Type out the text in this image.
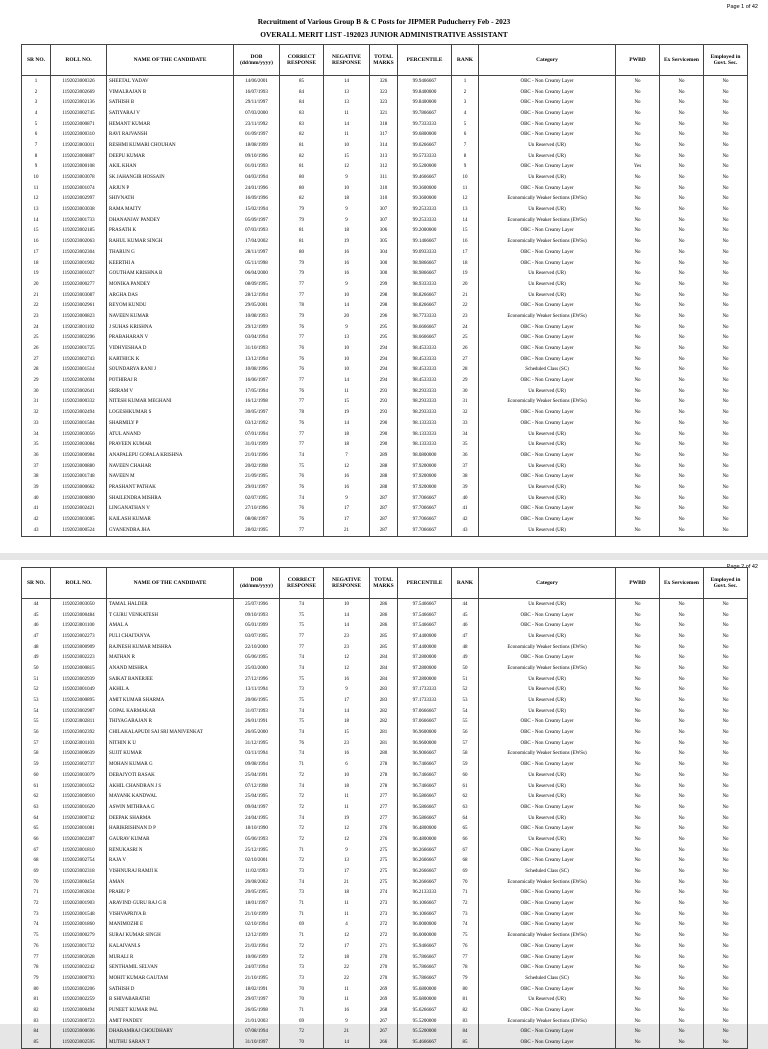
Page 1 of 42
Recruitment of Various Group B & C Posts for JIPMER Puducherry Feb - 2023
OVERALL MERIT LIST -192023 JUNIOR ADMINISTRATIVE ASSISTANT
SR NO.	ROLL NO.	NAME OF THE CANDIDATE	DOB (dd/mm/yyyy)	CORRECT RESPONSE	NEGATIVE RESPONSE	TOTAL MARKS	PERCENTILE	RANK	Category	PWBD	Ex Servicemen	Employed in Govt. Sec.
1	1192023000326	SHEETAL YADAV	14/06/2001	85	14	326	99.9466667	1	OBC - Non Creamy Layer	No	No	No
2	1192023002669	VIMALRAJAN B	16/07/1993	84	13	323	99.8400000	2	OBC - Non Creamy Layer	No	No	No
3	1192023002136	SATHISH B	29/11/1997	84	13	323	99.8400000	3	OBC - Non Creamy Layer	No	No	No
4	1192023002745	SATIYARAJ V	07/03/2000	83	11	321	99.7866667	4	OBC - Non Creamy Layer	No	No	No
5	1192023000871	HEMANT KUMAR	23/11/1992	83	14	318	99.7333333	5	OBC - Non Creamy Layer	No	No	No
6	1192023000310	RAVI RAJVANSH	01/09/1997	82	11	317	99.6800000	6	OBC - Non Creamy Layer	No	No	No
7	1192023003011	RESHMI KUMARI CHOUHAN	18/08/1999	81	10	314	99.6266667	7	Un Reserved (UR)	No	No	No
8	1192023000887	DEEPU KUMAR	09/10/1996	82	15	313	99.5733333	8	Un Reserved (UR)	No	No	No
9	1192023000108	AKIL KHAN	01/01/1993	81	12	312	99.5200000	9	OBC - Non Creamy Layer	Yes	No	No
10	1192023003078	SK JAHANGIR HOSSAIN	04/03/1994	80	9	311	99.4666667	10	Un Reserved (UR)	No	No	No
11	1192023001074	ARJUN P	24/01/1996	80	10	310	99.3600000	11	OBC - Non Creamy Layer	No	No	No
12	1192023002997	SHIVNATH	16/09/1996	82	18	310	99.3600000	12	Economically Weaker Sections (EWSs)	No	No	No
13	1192023003038	RAMA MAITY	15/02/1994	79	9	307	99.2533333	13	Un Reserved (UR)	No	No	No
14	1192023001733	DHANANJAY PANDEY	05/09/1997	79	9	307	99.2533333	14	Economically Weaker Sections (EWSs)	No	No	No
15	1192023002185	PRASATH K	07/03/1993	81	18	306	99.2000000	15	OBC - Non Creamy Layer	No	No	No
16	1192023002063	RAHUL KUMAR SINGH	17/04/2002	81	19	305	99.1466667	16	Economically Weaker Sections (EWSs)	No	No	No
17	1192023002304	THARUN G	28/11/1997	80	16	304	99.0933333	17	OBC - Non Creamy Layer	No	No	No
18	1192023001902	KEERTHI A	05/11/1998	79	16	300	98.9866667	18	OBC - Non Creamy Layer	No	No	No
19	1192023001027	GOUTHAM KRISHNA B	06/04/2000	79	16	300	98.9866667	19	Un Reserved (UR)	No	No	No
20	1192023000277	MONIKA PANDEY	08/09/1995	77	9	299	98.9333333	20	Un Reserved (UR)	No	No	No
21	1192023003087	ARGHA DAS	28/12/1994	77	10	298	98.8266667	21	Un Reserved (UR)	No	No	No
22	1192023002961	REYOM KUNDU	29/05/2001	78	14	298	98.8266667	22	OBC - Non Creamy Layer	No	No	No
23	1192023000823	NAVEEN KUMAR	10/08/1993	79	20	296	98.7733333	23	Economically Weaker Sections (EWSs)	No	No	No
24	1192023001102	J SUHAS KRISHNA	29/12/1999	76	9	295	98.6666667	24	OBC - Non Creamy Layer	No	No	No
25	1192023002296	PRABAHARAN V	03/04/1994	77	13	295	98.6666667	25	OBC - Non Creamy Layer	No	No	No
26	1192023001725	VIDHYESHAA D	31/10/1993	76	10	294	98.4533333	26	OBC - Non Creamy Layer	No	No	No
27	1192023002743	KARTHICK K	13/12/1994	76	10	294	98.4533333	27	OBC - Non Creamy Layer	No	No	No
28	1192023001514	SOUNDARYA RANI J	10/08/1996	76	10	294	98.4533333	28	Scheduled Class (SC)	No	No	No
29	1192023002694	POTHIRAJ R	16/06/1997	77	14	294	98.4533333	29	OBC - Non Creamy Layer	No	No	No
30	1192023002641	SRIRAM V	17/05/1994	76	11	293	98.2933333	30	Un Reserved (UR)	No	No	No
31	1192023000332	NITESH KUMAR MEGHANI	16/12/1998	77	15	293	98.2933333	31	Economically Weaker Sections (EWSs)	No	No	No
32	1192023002494	LOGESHKUMAR S	30/05/1997	78	19	293	98.2933333	32	OBC - Non Creamy Layer	No	No	No
33	1192023001584	SHARMILY P	03/12/1992	76	14	290	98.1333333	33	OBC - Non Creamy Layer	No	No	No
34	1192023003056	ATUL ANAND	07/01/1994	77	18	290	98.1333333	34	Un Reserved (UR)	No	No	No
35	1192023003084	PRAVEEN KUMAR	31/01/1999	77	18	290	98.1333333	35	Un Reserved (UR)	No	No	No
36	1192023000984	ANAPALEPU GOPALA KRISHNA	21/01/1996	74	7	289	98.0800000	36	OBC - Non Creamy Layer	No	No	No
37	1192023000880	NAVEEN CHAHAR	20/02/1998	75	12	288	97.9200000	37	Un Reserved (UR)	No	No	No
38	1192023001748	NAVEEN M	21/09/1995	76	16	288	97.9200000	38	OBC - Non Creamy Layer	No	No	No
39	1192023000662	PRASHANT PATHAK	29/01/1997	76	16	288	97.9200000	39	Un Reserved (UR)	No	No	No
40	1192023000890	SHAILENDRA MISHRA	02/07/1995	74	9	287	97.7066667	40	Un Reserved (UR)	No	No	No
41	1192023002421	LINGANATHAN V	27/10/1996	76	17	287	97.7066667	41	OBC - Non Creamy Layer	No	No	No
42	1192023003085	KAILASH KUMAR	08/08/1997	76	17	287	97.7066667	42	OBC - Non Creamy Layer	No	No	No
43	1192023000524	GYANENDRA JHA	28/02/1995	77	21	287	97.7066667	43	Un Reserved (UR)	No	No	No
Page 2 of 42
SR NO.	ROLL NO.	NAME OF THE CANDIDATE	DOB (dd/mm/yyyy)	CORRECT RESPONSE	NEGATIVE RESPONSE	TOTAL MARKS	PERCENTILE	RANK	Category	PWBD	Ex Servicemen	Employed in Govt. Sec.
44	1192023003050	TAMAL HALDER	25/07/1996	74	10	286	97.5466667	44	Un Reserved (UR)	No	No	No
45	1192023000484	T GURU VENKATESH	09/10/1993	75	14	286	97.5466667	45	OBC - Non Creamy Layer	No	No	No
46	1192023001100	AMAL A	05/01/1999	75	14	286	97.5466667	46	OBC - Non Creamy Layer	No	No	No
47	1192023002273	PULI CHAITANYA	03/07/1995	77	23	285	97.4400000	47	Un Reserved (UR)	No	No	No
48	1192023000909	RAJNESH KUMAR MISHRA	22/10/2000	77	23	285	97.4400000	48	Economically Weaker Sections (EWSs)	No	No	No
49	1192023002223	MATHAN R	05/06/1995	74	12	284	97.2800000	49	OBC - Non Creamy Layer	No	No	No
50	1192023000815	ANAND MISHRA	25/03/2000	74	12	284	97.2800000	50	Economically Weaker Sections (EWSs)	No	No	No
51	1192023002939	SAIKAT BANERJEE	27/12/1996	75	16	284	97.2800000	51	Un Reserved (UR)	No	No	No
52	1192023001049	AKHIL A	13/11/1994	73	9	283	97.1733333	52	Un Reserved (UR)	No	No	No
53	1192023000895	AMIT KUMAR SHARMA	20/06/1995	75	17	283	97.1733333	53	Un Reserved (UR)	No	No	No
54	1192023002987	GOPAL KARMAKAR	31/07/1993	74	14	282	97.0666667	54	Un Reserved (UR)	No	No	No
55	1192023002811	THIYAGARAJAN R	26/01/1991	75	18	282	97.0666667	55	OBC - Non Creamy Layer	No	No	No
56	1192023002392	CHILAKALAPUDI SAI SRI MANIVENKAT	26/05/2000	74	15	281	96.9600000	56	OBC - Non Creamy Layer	No	No	No
57	1192023001103	NITHIN K U	31/12/1995	76	23	281	96.9600000	57	OBC - Non Creamy Layer	No	No	No
58	1192023000639	SUJIT KUMAR	03/11/1994	74	16	280	96.9066667	58	Economically Weaker Sections (EWSs)	No	No	No
59	1192023002737	MOHAN KUMAR G	09/08/1994	71	6	278	96.7466667	59	OBC - Non Creamy Layer	No	No	No
60	1192023003079	DEBAJYOTI BASAK	25/04/1991	72	10	278	96.7466667	60	Un Reserved (UR)	No	No	No
61	1192023001052	AKHIL CHANDRAN J S	07/12/1998	74	18	278	96.7466667	61	Un Reserved (UR)	No	No	No
62	1192023000910	MAYANK KANDWAL	25/04/1995	72	11	277	96.5866667	62	Un Reserved (UR)	No	No	No
63	1192023001620	ASWIN MITHRAA G	09/04/1997	72	11	277	96.5866667	63	OBC - Non Creamy Layer	No	No	No
64	1192023000742	DEEPAK SHARMA	24/04/1995	74	19	277	96.5866667	64	Un Reserved (UR)	No	No	No
65	1192023001081	HARIKRISHNAN D P	18/10/1990	72	12	276	96.4800000	65	OBC - Non Creamy Layer	No	No	No
66	1192023002287	GAURAV KUMAR	05/06/1993	72	12	276	96.4800000	66	Un Reserved (UR)	No	No	No
67	1192023001810	RENUKASRI N	25/12/1995	71	9	275	96.2666667	67	OBC - Non Creamy Layer	No	No	No
68	1192023002754	RAJA V	02/10/2001	72	13	275	96.2666667	68	OBC - Non Creamy Layer	No	No	No
69	1192023002318	VISHNURAJ RAMJI K	11/02/1993	73	17	275	96.2666667	69	Scheduled Class (SC)	No	No	No
70	1192023000454	AMAN	20/08/2002	74	21	275	96.2666667	70	Economically Weaker Sections (EWSs)	No	No	No
71	1192023002834	PRABU P	20/05/1995	73	18	274	96.2133333	71	OBC - Non Creamy Layer	No	No	No
72	1192023001903	ARAVIND GURU RAJ G R	18/01/1997	71	11	273	96.1066667	72	OBC - Non Creamy Layer	No	No	No
73	1192023001548	VISHVAPRIYA B	21/10/1999	71	11	273	96.1066667	73	OBC - Non Creamy Layer	No	No	No
74	1192023001860	MANIMOZHI E	02/10/1994	69	4	272	96.0000000	74	OBC - Non Creamy Layer	No	No	No
75	1192023000279	SURAJ KUMAR SINGH	12/12/1999	71	12	272	96.0000000	75	Economically Weaker Sections (EWSs)	No	No	No
76	1192023001732	KALAIVANI.S	21/03/1994	72	17	271	95.9466667	76	OBC - Non Creamy Layer	No	No	No
77	1192023002628	MURALI R	10/06/1999	72	18	270	95.7866667	77	OBC - Non Creamy Layer	No	No	No
78	1192023002242	SENTHAMIL SELVAN	24/07/1994	73	22	270	95.7866667	78	OBC - Non Creamy Layer	No	No	No
79	1192023000793	MOHIT KUMAR GAUTAM	21/10/1995	73	22	270	95.7866667	79	Scheduled Class (SC)	No	No	No
80	1192023002206	SATHISH D	18/02/1991	70	11	269	95.6800000	80	OBC - Non Creamy Layer	No	No	No
81	1192023002259	B SHIVABARATHI	29/07/1997	70	11	269	95.6800000	81	Un Reserved (UR)	No	No	No
82	1192023000494	PUNEET KUMAR PAL	26/05/1998	71	16	268	95.6266667	82	OBC - Non Creamy Layer	No	No	No
83	1192023000723	AMIT PANDEY	21/01/2003	69	9	267	95.5200000	83	Economically Weaker Sections (EWSs)	No	No	No
84	1192023000696	DHARAMRAJ CHOUDHARY	07/08/1994	72	21	267	95.5200000	84	OBC - Non Creamy Layer	No	No	No
85	1192023002595	MUTHU SARAN T	31/10/1997	70	14	266	95.4666667	85	OBC - Non Creamy Layer	No	No	No
